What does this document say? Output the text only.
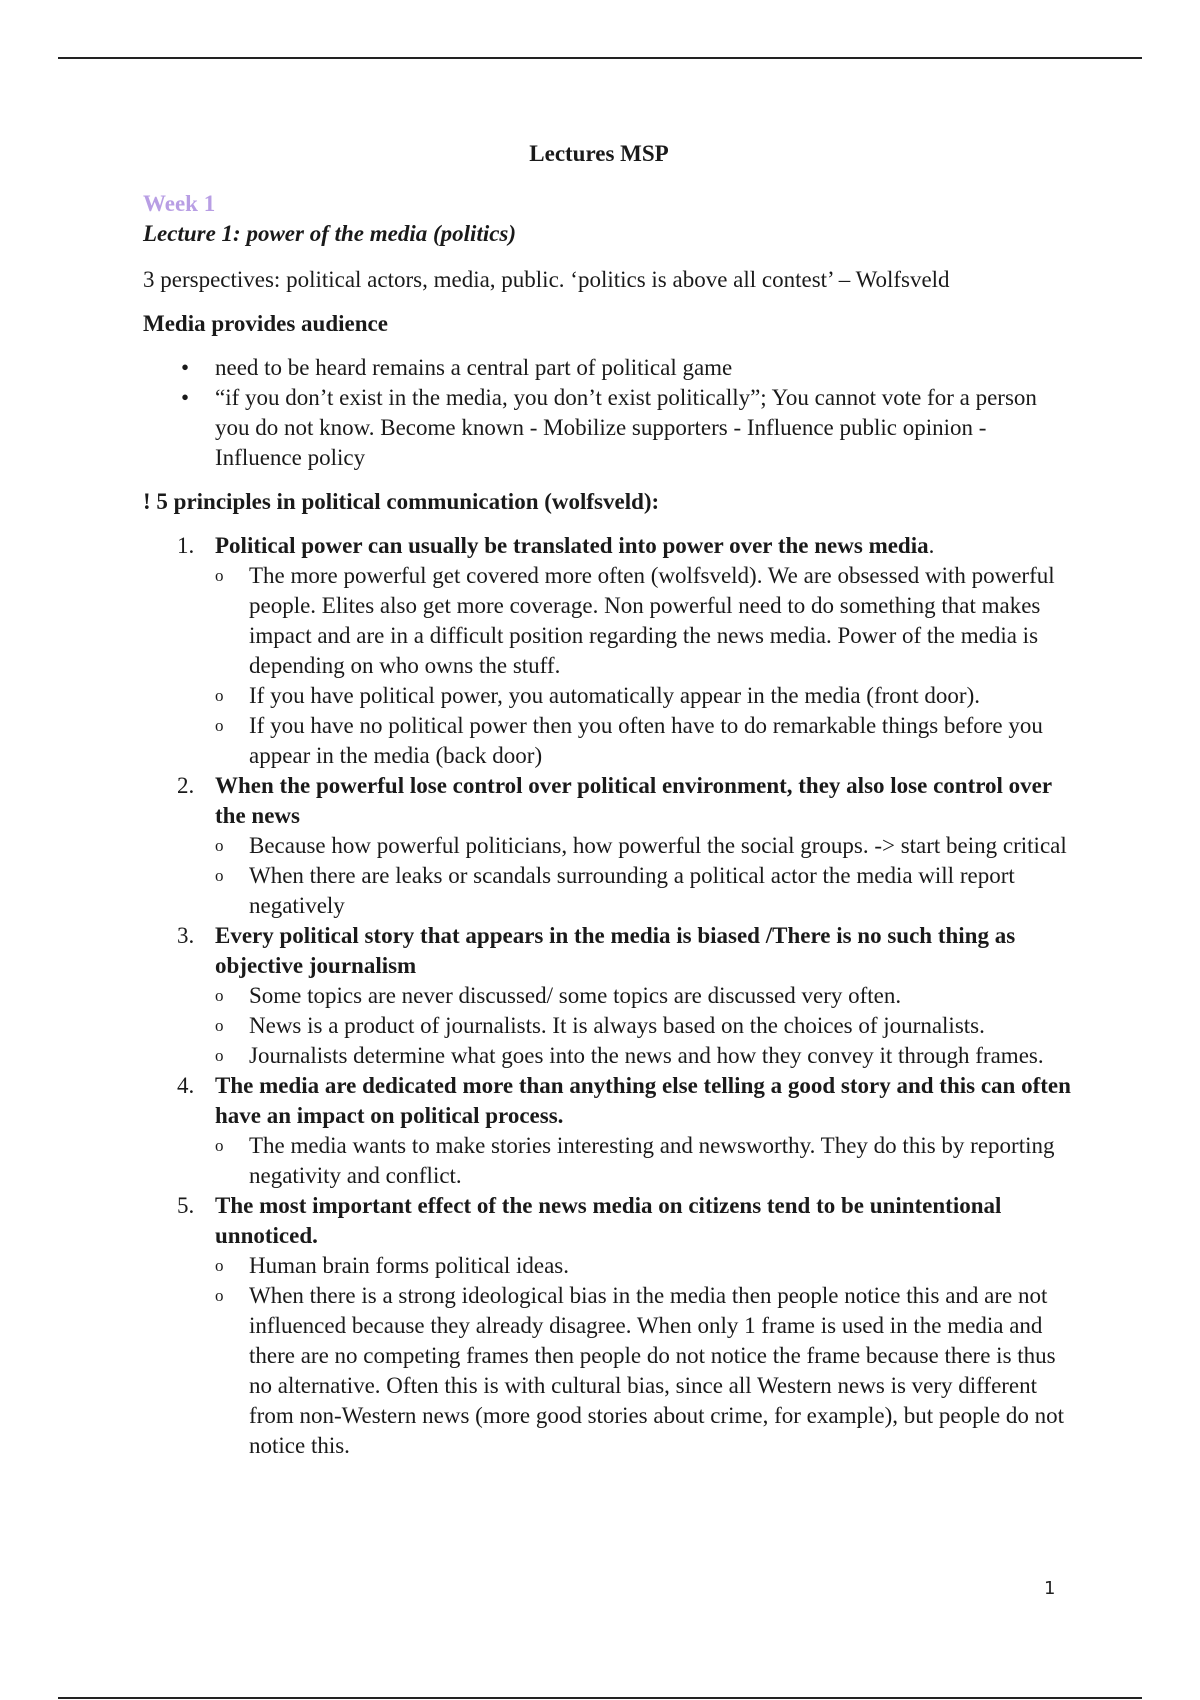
Lectures MSP
Week 1
Lecture 1: power of the media (politics)
3 perspectives: political actors, media, public. ‘politics is above all contest’ – Wolfsveld
Media provides audience
• need to be heard remains a central part of political game
• “if you don’t exist in the media, you don’t exist politically”; You cannot vote for a person you do not know. Become known - Mobilize supporters - Influence public opinion - Influence policy
! 5 principles in political communication (wolfsveld):
1. Political power can usually be translated into power over the news media.
o The more powerful get covered more often (wolfsveld). We are obsessed with powerful people. Elites also get more coverage. Non powerful need to do something that makes impact and are in a difficult position regarding the news media. Power of the media is depending on who owns the stuff.
o If you have political power, you automatically appear in the media (front door).
o If you have no political power then you often have to do remarkable things before you appear in the media (back door)
2. When the powerful lose control over political environment, they also lose control over the news
o Because how powerful politicians, how powerful the social groups. -> start being critical
o When there are leaks or scandals surrounding a political actor the media will report negatively
3. Every political story that appears in the media is biased /There is no such thing as objective journalism
o Some topics are never discussed/ some topics are discussed very often.
o News is a product of journalists. It is always based on the choices of journalists.
o Journalists determine what goes into the news and how they convey it through frames.
4. The media are dedicated more than anything else telling a good story and this can often have an impact on political process.
o The media wants to make stories interesting and newsworthy. They do this by reporting negativity and conflict.
5. The most important effect of the news media on citizens tend to be unintentional unnoticed.
o Human brain forms political ideas.
o When there is a strong ideological bias in the media then people notice this and are not influenced because they already disagree. When only 1 frame is used in the media and there are no competing frames then people do not notice the frame because there is thus no alternative. Often this is with cultural bias, since all Western news is very different from non-Western news (more good stories about crime, for example), but people do not notice this.
1
